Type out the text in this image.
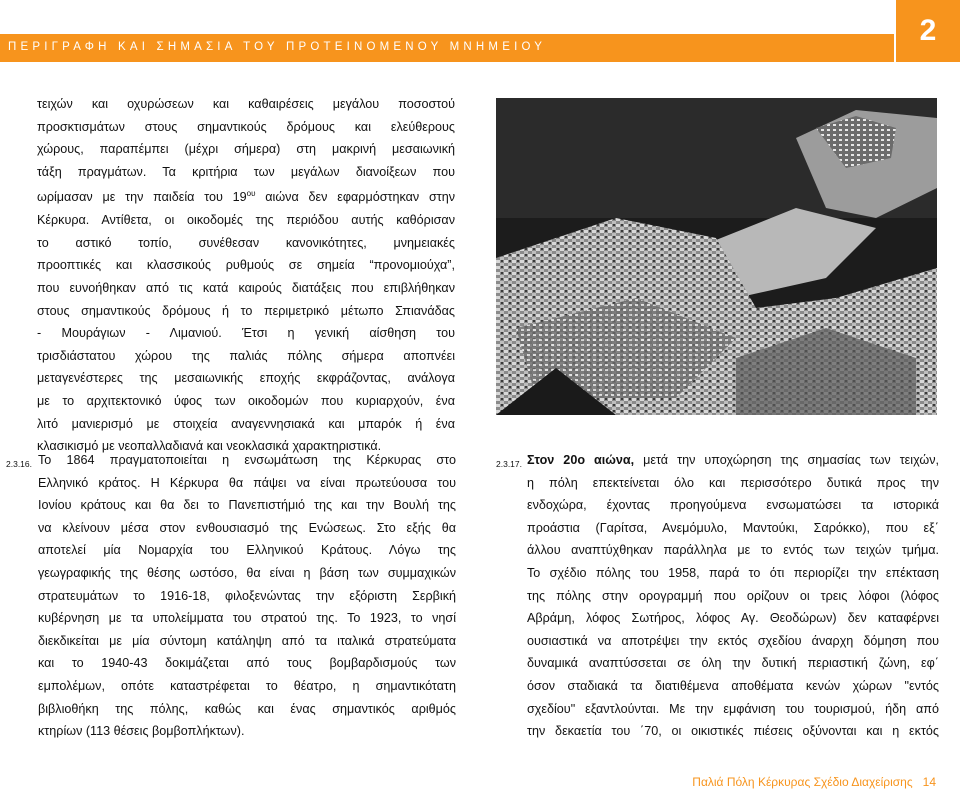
ΠΕΡΙΓΡΑΦΗ ΚΑΙ ΣΗΜΑΣΙΑ ΤΟΥ ΠΡΟΤΕΙΝΟΜΕΝΟΥ ΜΝΗΜΕΙΟΥ	2
τειχών και οχυρώσεων και καθαιρέσεις μεγάλου ποσοστού
προσκτισμάτων στους σημαντικούς δρόμους και ελεύθερους
χώρους, παραπέμπει (μέχρι σήμερα) στη μακρινή μεσαιωνική
τάξη πραγμάτων. Τα κριτήρια των μεγάλων διανοίξεων που
ωρίμασαν με την παιδεία του $19^{o\upsilon}$ αιώνα δεν εφαρμόστηκαν στην
Κέρκυρα. Αντίθετα, οι οικοδομές της περιόδου αυτής καθόρισαν
το αστικό τοπίο, συνέθεσαν κανονικότητες, μνημειακές
προοπτικές και κλασσικούς ρυθμούς σε σημεία “προνομιούχα”,
που ευνοήθηκαν από τις κατά καιρούς διατάξεις που επιβλήθηκαν
στους σημαντικούς δρόμους ή το περιμετρικό μέτωπο Σπιανάδας
- Μουράγιων - Λιμανιού. Έτσι η γενική αίσθηση του
τρισδιάστατου χώρου της παλιάς πόλης σήμερα αποπνέει
μεταγενέστερες της μεσαιωνικής εποχής εκφράζοντας, ανάλογα
με το αρχιτεκτονικό ύφος των οικοδομών που κυριαρχούν, ένα
λιτό μανιερισμό με στοιχεία αναγεννησιακά και μπαρόκ ή ένα
κλασικισμό με νεοπαλλαδιανά και νεοκλασικά χαρακτηριστικά.
2.3.16. Το 1864 πραγματοποιείται η ενσωμάτωση της Κέρκυρας στο
Ελληνικό κράτος. Η Κέρκυρα θα πάψει να είναι πρωτεύουσα του
Ιονίου κράτους και θα δει το Πανεπιστήμιό της και την Βουλή της
να κλείνουν μέσα στον ενθουσιασμό της Ενώσεως. Στο εξής θα
αποτελεί μία Νομαρχία του Ελληνικού Κράτους. Λόγω της
γεωγραφικής της θέσης ωστόσο, θα είναι η βάση των συμμαχικών
στρατευμάτων το 1916-18, φιλοξενώντας την εξόριστη Σερβική
κυβέρνηση με τα υπολείμματα του στρατού της. Το 1923, το νησί
διεκδικείται με μία σύντομη κατάληψη από τα ιταλικά στρατεύματα
και το 1940-43 δοκιμάζεται από τους βομβαρδισμούς των
εμπολέμων, οπότε καταστρέφεται το θέατρο, η σημαντικότατη
βιβλιοθήκη της πόλης, καθώς και ένας σημαντικός αριθμός
κτηρίων (113 θέσεις βομβοπλήκτων).
2.3.17. Στον 20ο αιώνα, μετά την υποχώρηση της σημασίας των τειχών,
η πόλη επεκτείνεται όλο και περισσότερο δυτικά προς την
ενδοχώρα, έχοντας προηγούμενα ενσωματώσει τα ιστορικά
προάστια (Γαρίτσα, Ανεμόμυλο, Μαντούκι, Σαρόκκο), που εξ΄
άλλου αναπτύχθηκαν παράλληλα με το εντός των τειχών τμήμα.
Το σχέδιο πόλης του 1958, παρά το ότι περιορίζει την επέκταση
της πόλης στην ορογραμμή που ορίζουν οι τρεις λόφοι (λόφος
Αβράμη, λόφος Σωτήρος, λόφος Αγ. Θεοδώρων) δεν καταφέρνει
ουσιαστικά να αποτρέψει την εκτός σχεδίου άναρχη δόμηση που
δυναμικά αναπτύσσεται σε όλη την δυτική περιαστική ζώνη, εφ΄
όσον σταδιακά τα διατιθέμενα αποθέματα κενών χώρων "εντός
σχεδίου" εξαντλούνται. Με την εμφάνιση του τουρισμού, ήδη από
την δεκαετία του ΄70, οι οικιστικές πιέσεις οξύνονται και η εκτός
Παλιά Πόλη Κέρκυρας Σχέδιο Διαχείρισης 14
